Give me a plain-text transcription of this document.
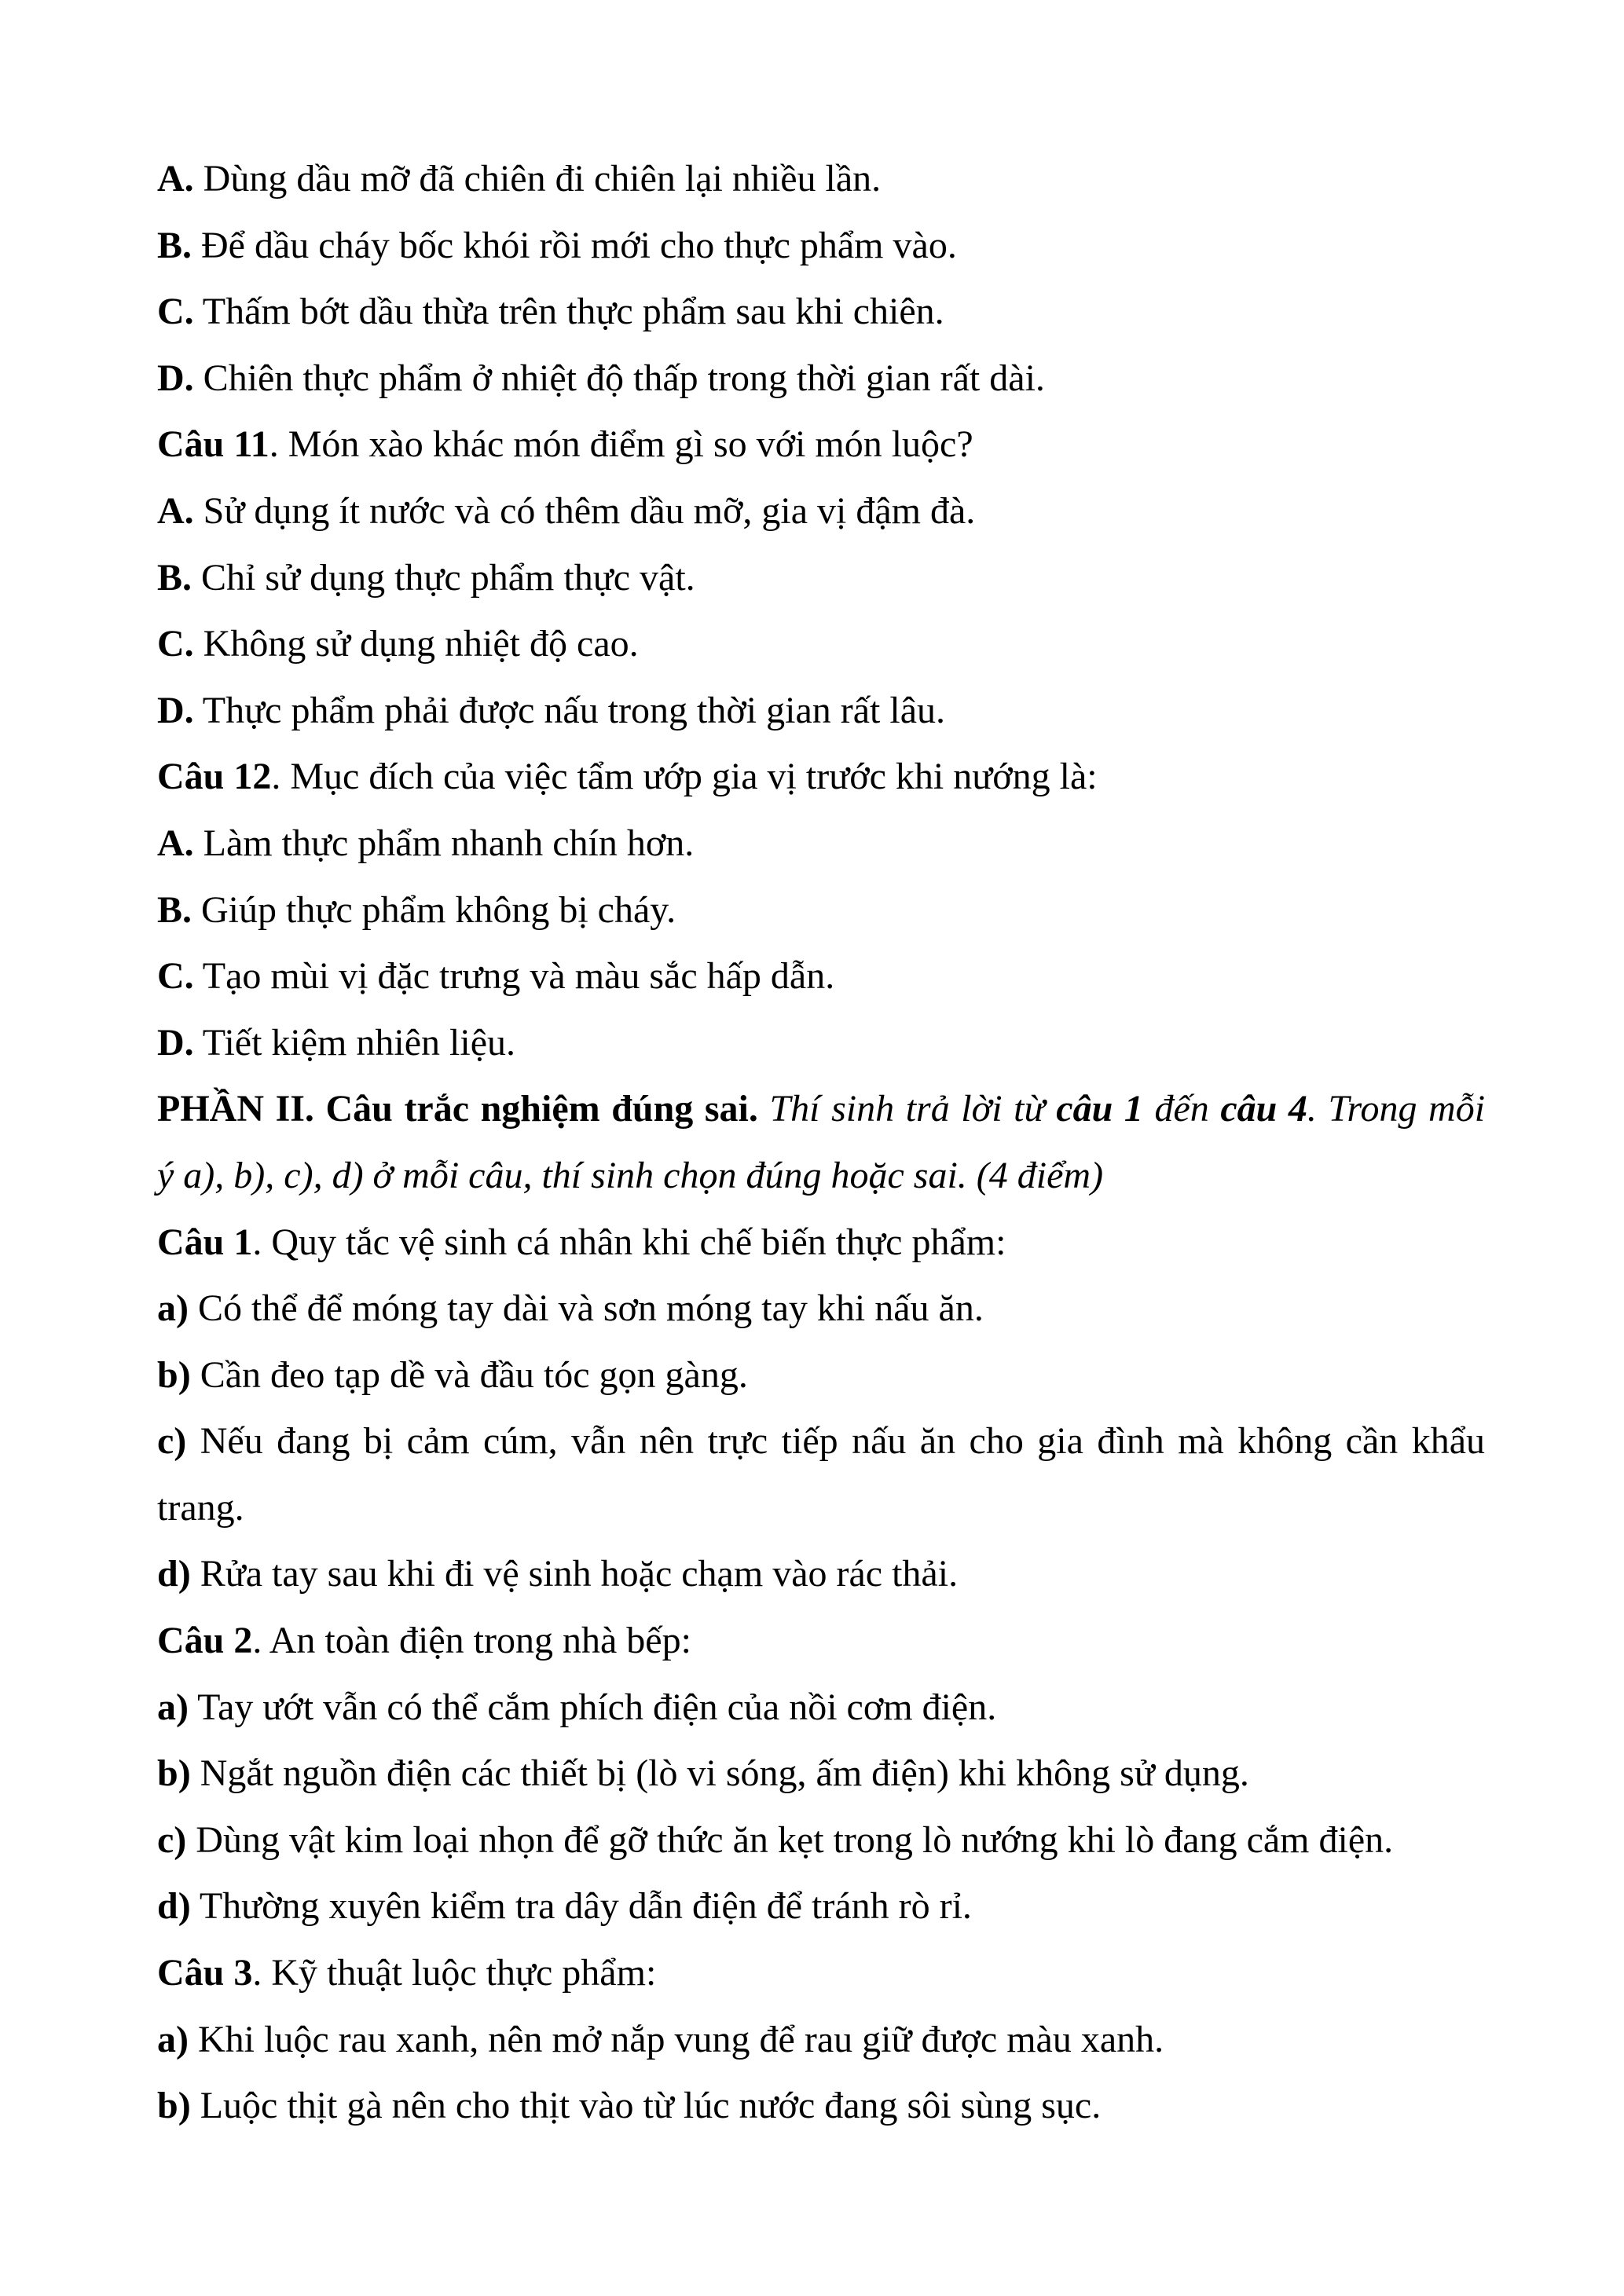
A. Dùng dầu mỡ đã chiên đi chiên lại nhiều lần.
B. Để dầu cháy bốc khói rồi mới cho thực phẩm vào.
C. Thấm bớt dầu thừa trên thực phẩm sau khi chiên.
D. Chiên thực phẩm ở nhiệt độ thấp trong thời gian rất dài.
Câu 11. Món xào khác món điểm gì so với món luộc?
A. Sử dụng ít nước và có thêm dầu mỡ, gia vị đậm đà.
B. Chỉ sử dụng thực phẩm thực vật.
C. Không sử dụng nhiệt độ cao.
D. Thực phẩm phải được nấu trong thời gian rất lâu.
Câu 12. Mục đích của việc tẩm ướp gia vị trước khi nướng là:
A. Làm thực phẩm nhanh chín hơn.
B. Giúp thực phẩm không bị cháy.
C. Tạo mùi vị đặc trưng và màu sắc hấp dẫn.
D. Tiết kiệm nhiên liệu.
PHẦN II. Câu trắc nghiệm đúng sai. Thí sinh trả lời từ câu 1 đến câu 4. Trong mỗi
ý a), b), c), d) ở mỗi câu, thí sinh chọn đúng hoặc sai. (4 điểm)
Câu 1. Quy tắc vệ sinh cá nhân khi chế biến thực phẩm:
a) Có thể để móng tay dài và sơn móng tay khi nấu ăn.
b) Cần đeo tạp dề và đầu tóc gọn gàng.
c) Nếu đang bị cảm cúm, vẫn nên trực tiếp nấu ăn cho gia đình mà không cần khẩu
trang.
d) Rửa tay sau khi đi vệ sinh hoặc chạm vào rác thải.
Câu 2. An toàn điện trong nhà bếp:
a) Tay ướt vẫn có thể cắm phích điện của nồi cơm điện.
b) Ngắt nguồn điện các thiết bị (lò vi sóng, ấm điện) khi không sử dụng.
c) Dùng vật kim loại nhọn để gỡ thức ăn kẹt trong lò nướng khi lò đang cắm điện.
d) Thường xuyên kiểm tra dây dẫn điện để tránh rò rỉ.
Câu 3. Kỹ thuật luộc thực phẩm:
a) Khi luộc rau xanh, nên mở nắp vung để rau giữ được màu xanh.
b) Luộc thịt gà nên cho thịt vào từ lúc nước đang sôi sùng sục.
